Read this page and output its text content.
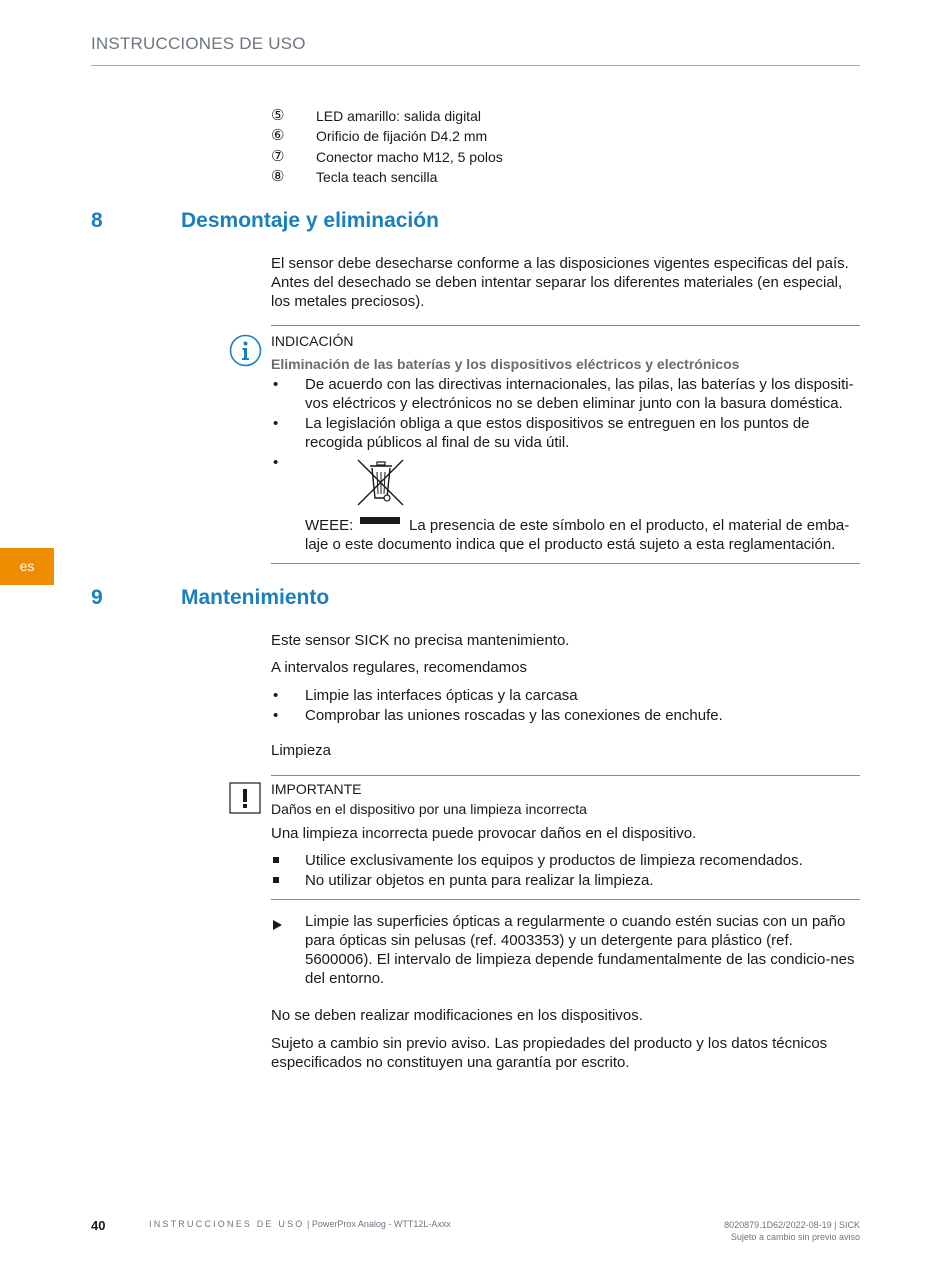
INSTRUCCIONES DE USO
⑤	LED amarillo: salida digital
⑥	Orificio de fijación D4.2 mm
⑦	Conector macho M12, 5 polos
⑧	Tecla teach sencilla
8	Desmontaje y eliminación
El sensor debe desecharse conforme a las disposiciones vigentes especificas del país. Antes del desechado se deben intentar separar los diferentes materiales (en especial, los metales preciosos).
INDICACIÓN
Eliminación de las baterías y los dispositivos eléctricos y electrónicos
•	De acuerdo con las directivas internacionales, las pilas, las baterías y los dispositi-vos eléctricos y electrónicos no se deben eliminar junto con la basura doméstica.
•	La legislación obliga a que estos dispositivos se entreguen en los puntos de recogida públicos al final de su vida útil.
•
WEEE:	La presencia de este símbolo en el producto, el material de emba-laje o este documento indica que el producto está sujeto a esta reglamentación.
es
9	Mantenimiento
Este sensor SICK no precisa mantenimiento.
A intervalos regulares, recomendamos
•	Limpie las interfaces ópticas y la carcasa
•	Comprobar las uniones roscadas y las conexiones de enchufe.
Limpieza
IMPORTANTE
Daños en el dispositivo por una limpieza incorrecta
Una limpieza incorrecta puede provocar daños en el dispositivo.
Utilice exclusivamente los equipos y productos de limpieza recomendados.
No utilizar objetos en punta para realizar la limpieza.
Limpie las superficies ópticas a regularmente o cuando estén sucias con un paño para ópticas sin pelusas (ref. 4003353) y un detergente para plástico (ref. 5600006). El intervalo de limpieza depende fundamentalmente de las condicio-nes del entorno.
No se deben realizar modificaciones en los dispositivos.
Sujeto a cambio sin previo aviso. Las propiedades del producto y los datos técnicos especificados no constituyen una garantía por escrito.
40	INSTRUCCIONES DE USO | PowerProx Analog - WTT12L-Axxx	8020879.1D62/2022-08-19 | SICK
Sujeto a cambio sin previo aviso
